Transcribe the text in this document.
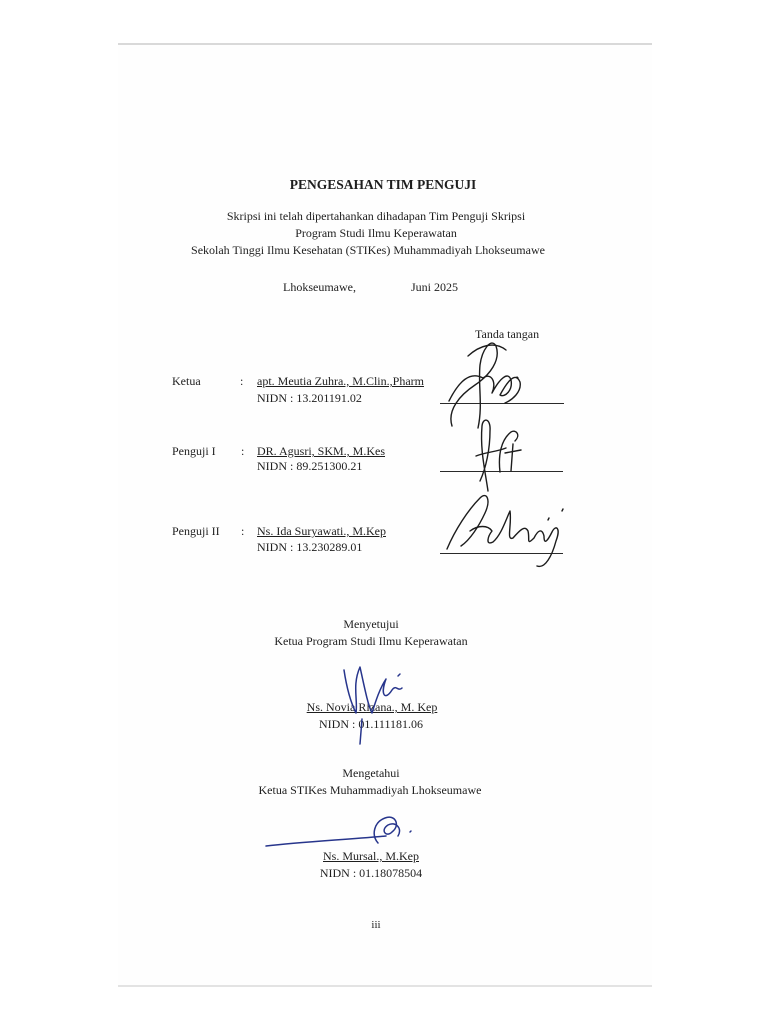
PENGESAHAN TIM PENGUJI
Skripsi ini telah dipertahankan dihadapan Tim Penguji Skripsi
Program Studi Ilmu Keperawatan
Sekolah Tinggi Ilmu Kesehatan (STIKes) Muhammadiyah Lhokseumawe
Lhokseumawe,	Juni 2025
Tanda tangan
Ketua	: apt. Meutia Zuhra., M.Clin.,Pharm
NIDN : 13.201191.02
Penguji I : DR. Agusri, SKM., M.Kes
NIDN : 89.251300.21
Penguji II : Ns. Ida Suryawati., M.Kep
NIDN : 13.230289.01
Menyetujui
Ketua Program Studi Ilmu Keperawatan
Ns. Novia Rizana., M. Kep
NIDN : 01.111181.06
Mengetahui
Ketua STIKes Muhammadiyah Lhokseumawe
Ns. Mursal., M.Kep
NIDN : 01.18078504
iii
